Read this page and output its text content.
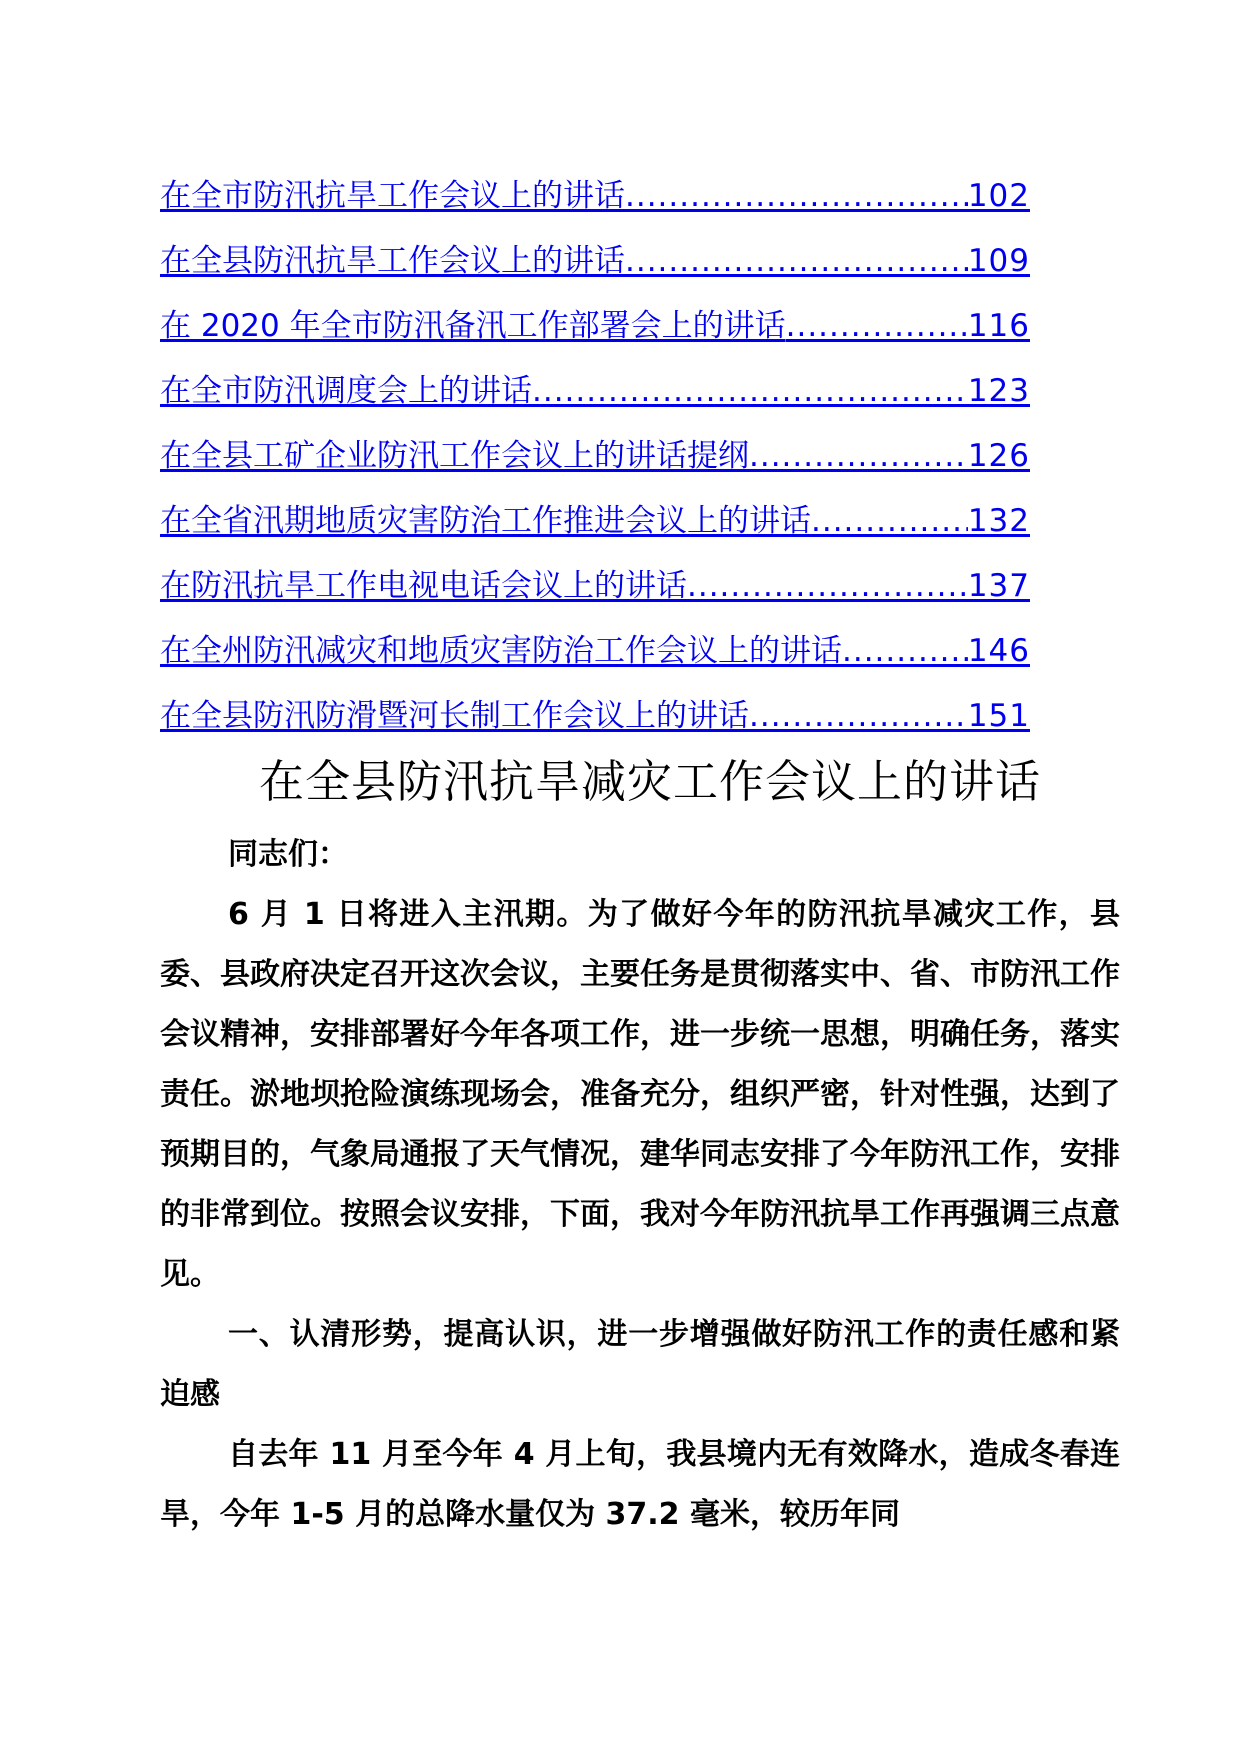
在全市防汛抗旱工作会议上的讲话 .....	102
在全县防汛抗旱工作会议上的讲话 .....	109
在 2020 年全市防汛备汛工作部署会上的讲话 .....	116
在全市防汛调度会上的讲话 .....	123
在全县工矿企业防汛工作会议上的讲话提纲 .....	126
在全省汛期地质灾害防治工作推进会议上的讲话 .....	132
在防汛抗旱工作电视电话会议上的讲话 .....	137
在全州防汛减灾和地质灾害防治工作会议上的讲话 .....	146
在全县防汛防滑暨河长制工作会议上的讲话 .....	151
在全县防汛抗旱减灾工作会议上的讲话

同志们：

6 月 1 日将进入主汛期。为了做好今年的防汛抗旱减灾工作，县委、县政府决定召开这次会议，主要任务是贯彻落实中、省、市防汛工作会议精神，安排部署好今年各项工作，进一步统一思想，明确任务，落实责任。淤地坝抢险演练现场会，准备充分，组织严密，针对性强，达到了预期目的，气象局通报了天气情况，建华同志安排了今年防汛工作，安排的非常到位。按照会议安排，下面，我对今年防汛抗旱工作再强调三点意见。

一、认清形势，提高认识，进一步增强做好防汛工作的责任感和紧迫感

自去年 11 月至今年 4 月上旬，我县境内无有效降水，造成冬春连旱，今年 1-5 月的总降水量仅为 37.2 毫米，较历年同
